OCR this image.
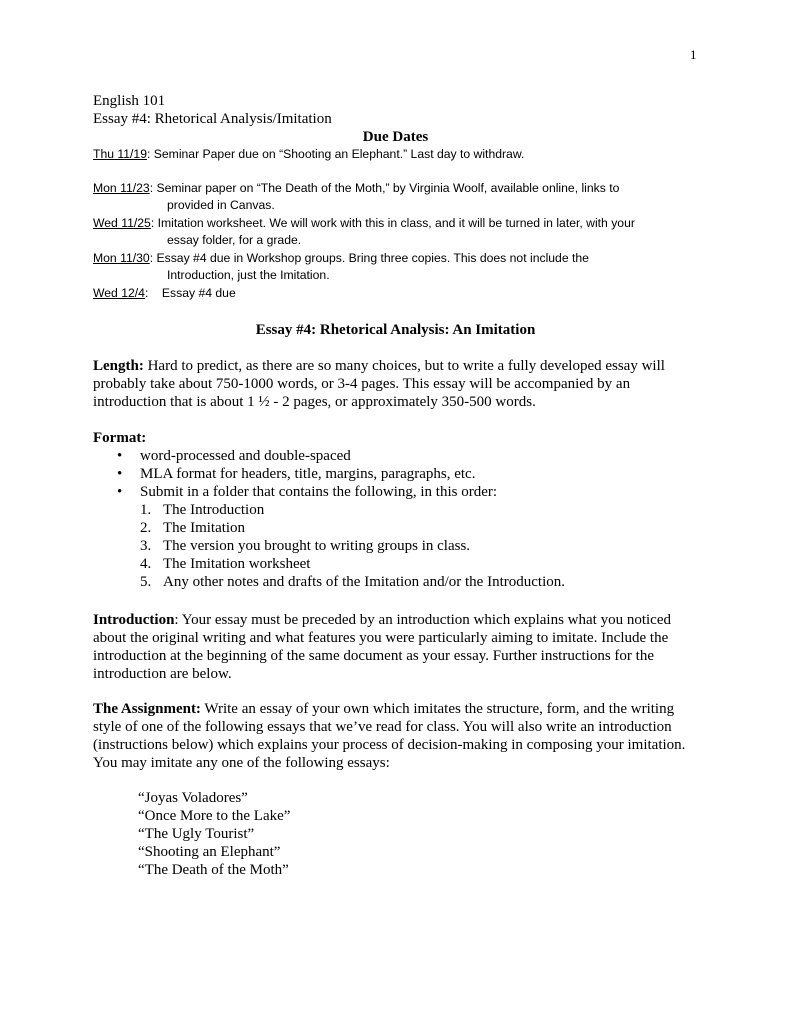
1
English 101
Essay #4: Rhetorical Analysis/Imitation
Due Dates
Thu 11/19 : Seminar Paper due on “Shooting an Elephant.” Last day to withdraw.
Mon 11/23 : Seminar paper on “The Death of the Moth,” by Virginia Woolf, available online, links to
provided in Canvas.
Wed 11/25 : Imitation worksheet. We will work with this in class, and it will be turned in later, with your
essay folder, for a grade.
Mon 11/30 : Essay #4 due in Workshop groups. Bring three copies. This does not include the
Introduction, just the Imitation.
Wed 12/4 :    Essay #4 due
Essay #4: Rhetorical Analysis: An Imitation
Length: Hard to predict, as there are so many choices, but to write a fully developed essay will probably take about 750-1000 words, or 3-4 pages. This essay will be accompanied by an introduction that is about 1 ½ - 2 pages, or approximately 350-500 words.
Format:
• word-processed and double-spaced
• MLA format for headers, title, margins, paragraphs, etc.
• Submit in a folder that contains the following, in this order:
1. The Introduction
2. The Imitation
3. The version you brought to writing groups in class.
4. The Imitation worksheet
5. Any other notes and drafts of the Imitation and/or the Introduction.
Introduction: Your essay must be preceded by an introduction which explains what you noticed about the original writing and what features you were particularly aiming to imitate. Include the introduction at the beginning of the same document as your essay. Further instructions for the introduction are below.
The Assignment: Write an essay of your own which imitates the structure, form, and the writing style of one of the following essays that we’ve read for class. You will also write an introduction (instructions below) which explains your process of decision-making in composing your imitation. You may imitate any one of the following essays:
“Joyas Voladores”
“Once More to the Lake”
“The Ugly Tourist”
“Shooting an Elephant”
“The Death of the Moth”
